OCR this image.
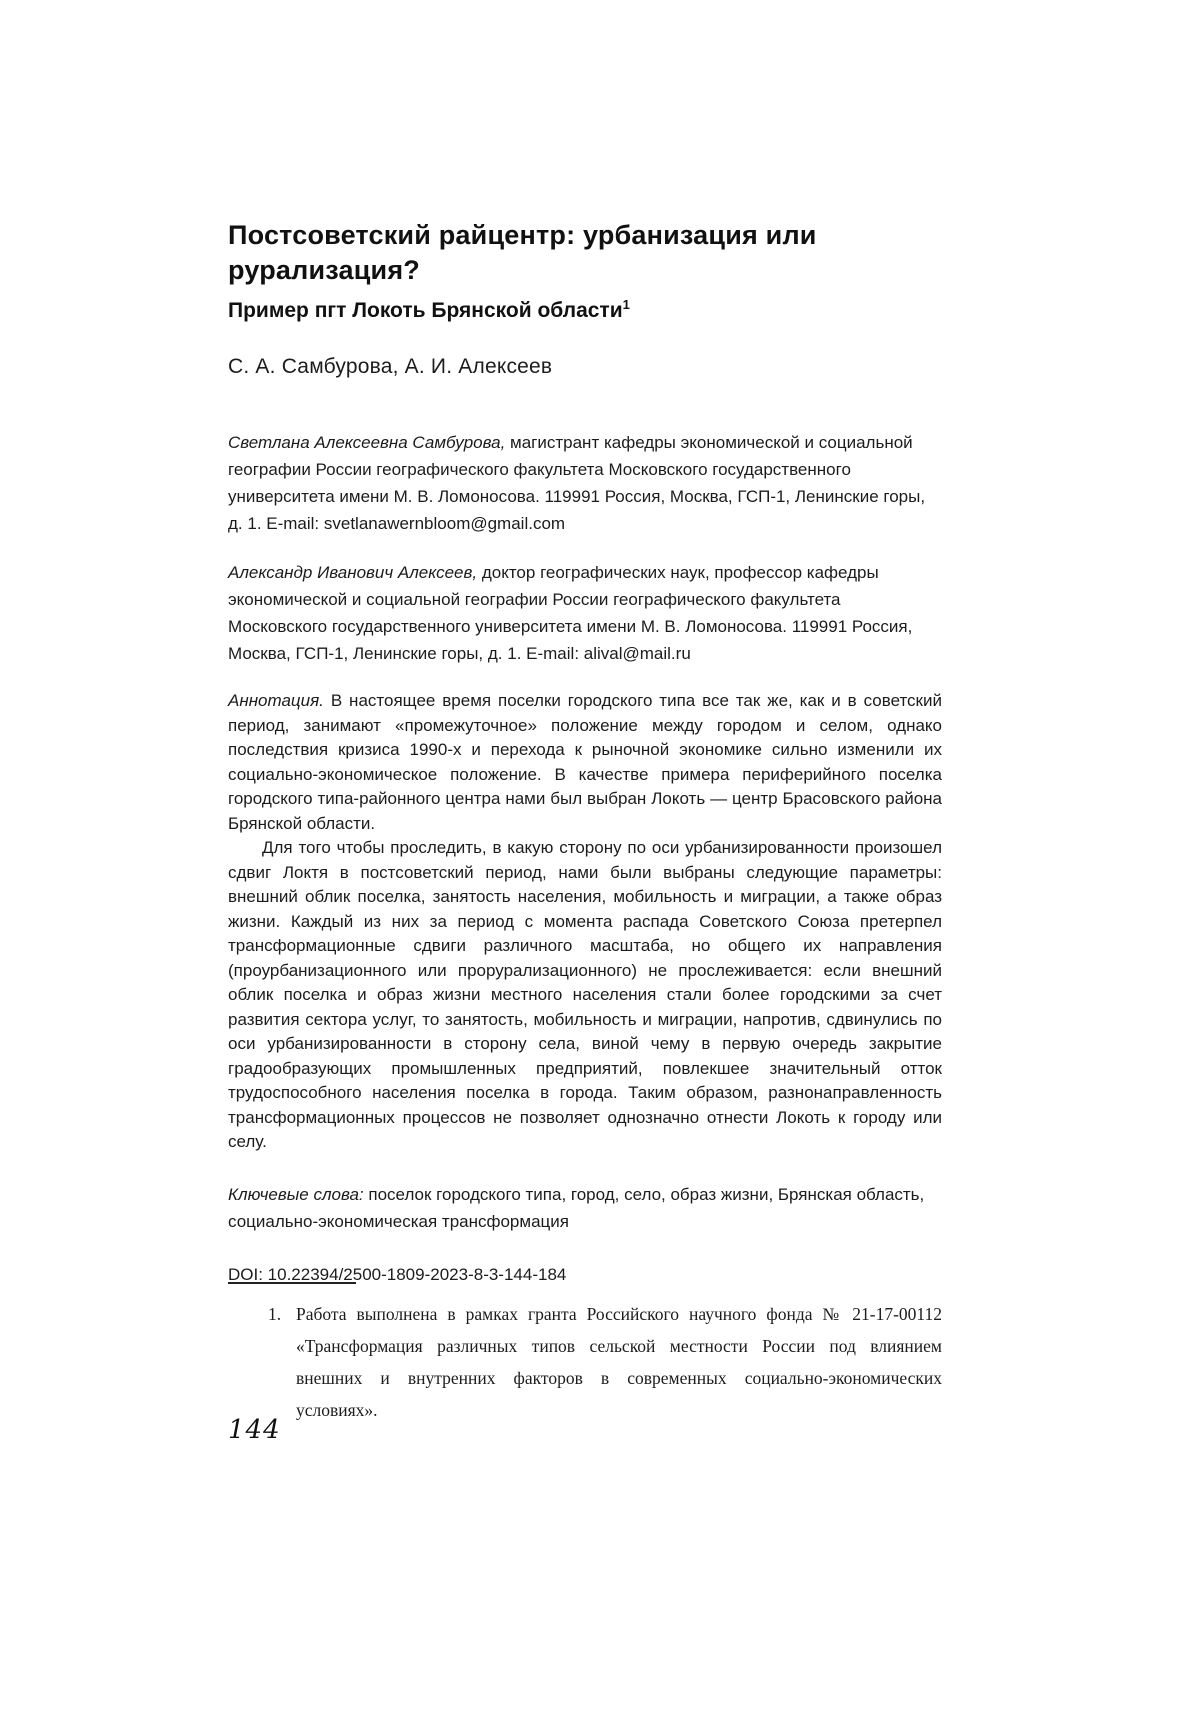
Постсоветский райцентр: урбанизация или рурализация?
Пример пгт Локоть Брянской области$^1$
С. А. Самбурова, А. И. Алексеев

Светлана Алексеевна Самбурова, магистрант кафедры экономической и социальной географии России географического факультета Московского государственного университета имени М. В. Ломоносова. 119991 Россия, Москва, ГСП-1, Ленинские горы, д. 1. E-mail: svetlanawernbloom@gmail.com

Александр Иванович Алексеев, доктор географических наук, профессор кафедры экономической и социальной географии России географического факультета Московского государственного университета имени М. В. Ломоносова. 119991 Россия, Москва, ГСП-1, Ленинские горы, д. 1. E-mail: alival@mail.ru

Аннотация. В настоящее время поселки городского типа все так же, как и в советский период, занимают «промежуточное» положение между городом и селом, однако последствия кризиса 1990-х и перехода к рыночной экономике сильно изменили их социально-экономическое положение. В качестве примера периферийного поселка городского типа-районного центра нами был выбран Локоть — центр Брасовского района Брянской области.

Для того чтобы проследить, в какую сторону по оси урбанизированности произошел сдвиг Локтя в постсоветский период, нами были выбраны следующие параметры: внешний облик поселка, занятость населения, мобильность и миграции, а также образ жизни. Каждый из них за период с момента распада Советского Союза претерпел трансформационные сдвиги различного масштаба, но общего их направления (проурбанизационного или прорурализационного) не прослеживается: если внешний облик поселка и образ жизни местного населения стали более городскими за счет развития сектора услуг, то занятость, мобильность и миграции, напротив, сдвинулись по оси урбанизированности в сторону села, виной чему в первую очередь закрытие градообразующих промышленных предприятий, повлекшее значительный отток трудоспособного населения поселка в города. Таким образом, разнонаправленность трансформационных процессов не позволяет однозначно отнести Локоть к городу или селу.

Ключевые слова: поселок городского типа, город, село, образ жизни, Брянская область, социально-экономическая трансформация

DOI: 10.22394/2500-1809-2023-8-3-144-184

1. Работа выполнена в рамках гранта Российского научного фонда № 21-17-00112 «Трансформация различных типов сельской местности России под влиянием внешних и внутренних факторов в современных социально-экономических условиях».
144
